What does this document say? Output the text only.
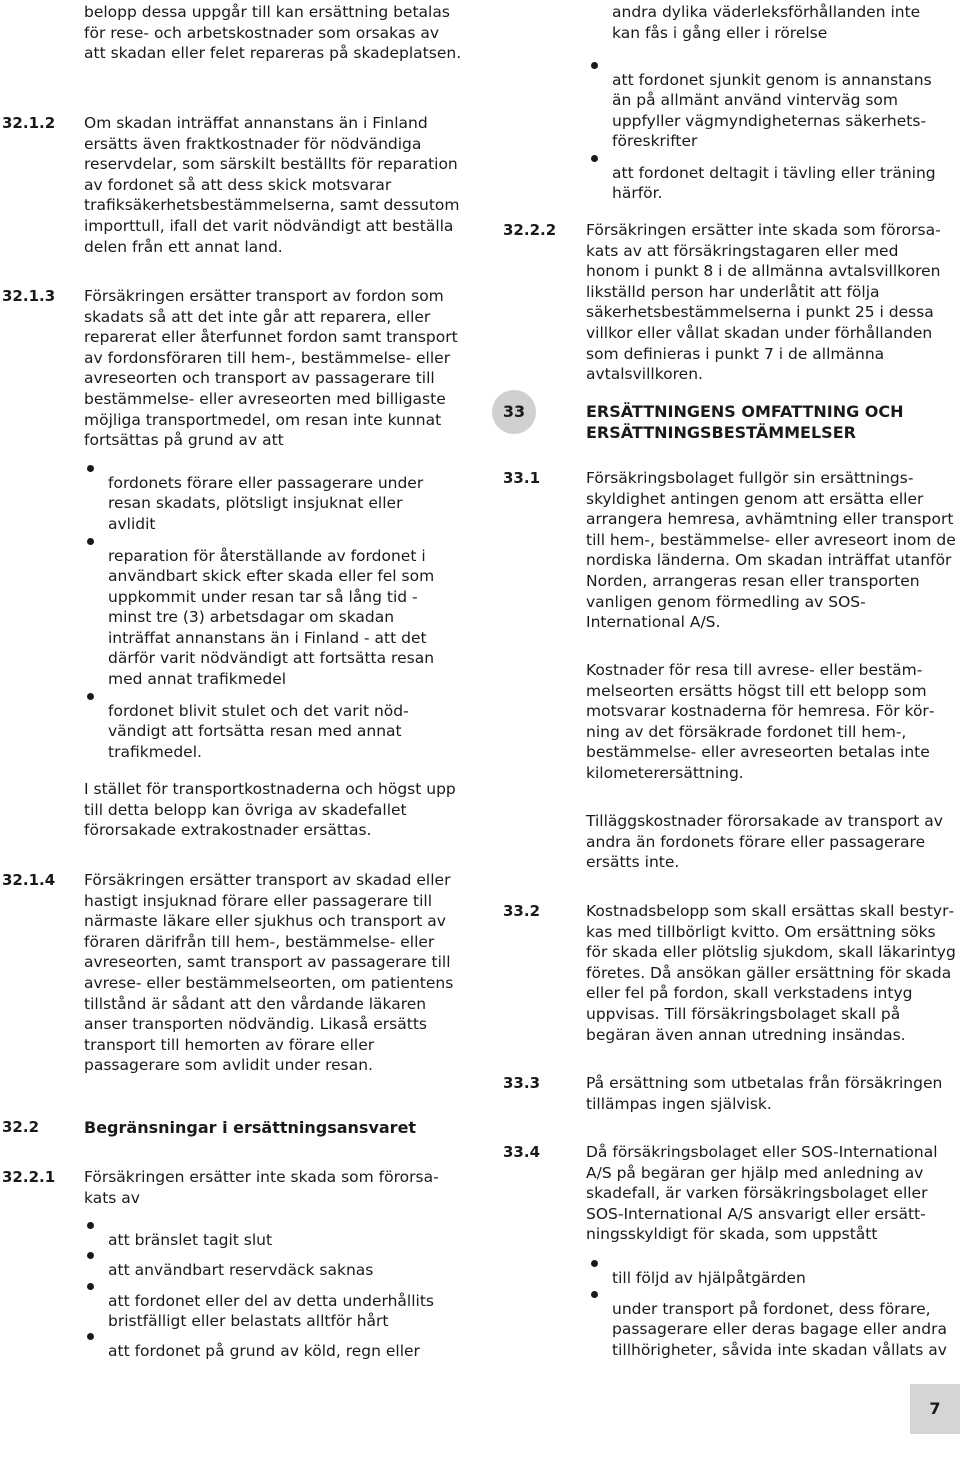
belopp dessa uppgår till kan ersättning betalas för rese- och arbetskostnader som orsakas av att skadan eller felet repareras på skadeplatsen.

32.1.2 Om skadan inträffat annanstans än i Finland ersätts även fraktkostnader för nödvändiga reservdelar, som särskilt beställts för reparation av fordonet så att dess skick motsvarar trafiksäkerhetsbestämmelserna, samt dessutom importtull, ifall det varit nödvändigt att beställa delen från ett annat land.

32.1.3 Försäkringen ersätter transport av fordon som skadats så att det inte går att reparera, eller reparerat eller återfunnet fordon samt transport av fordonsföraren till hem-, bestämmelse- eller avreseorten och transport av passagerare till bestämmelse- eller avreseorten med billigaste möjliga transportmedel, om resan inte kunnat fortsättas på grund av att

fordonets förare eller passagerare under resan skadats, plötsligt insjuknat eller avlidit

reparation för återställande av fordonet i användbart skick efter skada eller fel som uppkommit under resan tar så lång tid - minst tre (3) arbetsdagar om skadan inträffat annanstans än i Finland - att det därför varit nödvändigt att fortsätta resan med annat trafikmedel

fordonet blivit stulet och det varit nödvändigt att fortsätta resan med annat trafikmedel.

I stället för transportkostnaderna och högst upp till detta belopp kan övriga av skadefallet förorsakade extrakostnader ersättas.

32.1.4 Försäkringen ersätter transport av skadad eller hastigt insjuknad förare eller passagerare till närmaste läkare eller sjukhus och transport av föraren därifrån till hem-, bestämmelse- eller avreseorten, samt transport av passagerare till avrese- eller bestämmelseorten, om patientens tillstånd är sådant att den vårdande läkaren anser transporten nödvändig. Likaså ersätts transport till hemorten av förare eller passagerare som avlidit under resan.

32.2	Begränsningar i ersättningsansvaret
32.2.1 Försäkringen ersätter inte skada som förorsakats av

att bränslet tagit slut

att användbart reservdäck saknas

att fordonet eller del av detta underhållits bristfälligt eller belastats alltför hårt

att fordonet på grund av köld, regn eller

andra dylika väderleksförhållanden inte kan fås i gång eller i rörelse

att fordonet sjunkit genom is annanstans än på allmänt använd vinterväg som uppfyller vägmyndigheternas säkerhetsföreskrifter

att fordonet deltagit i tävling eller träning härför.

32.2.2 Försäkringen ersätter inte skada som förorsakats av att försäkringstagaren eller med honom i punkt 8 i de allmänna avtalsvillkoren likställd person har underlåtit att följa säkerhetsbestämmelserna i punkt 25 i dessa villkor eller vållat skadan under förhållanden som definieras i punkt 7 i de allmänna avtalsvillkoren.

33	ERSÄTTNINGENS OMFATTNING OCH ERSÄTTNINGSBESTÄMMELSER
33.1	Försäkringsbolaget fullgör sin ersättningsskyldighet antingen genom att ersätta eller arrangera hemresa, avhämtning eller transport till hem-, bestämmelse- eller avreseort inom de nordiska länderna. Om skadan inträffat utanför Norden, arrangeras resan eller transporten vanligen genom förmedling av SOS-International A/S.

Kostnader för resa till avrese- eller bestämmelseorten ersätts högst till ett belopp som motsvarar kostnaderna för hemresa. För körning av det försäkrade fordonet till hem-, bestämmelse- eller avreseorten betalas inte kilometerersättning.

Tilläggskostnader förorsakade av transport av andra än fordonets förare eller passagerare ersätts inte.

33.2	Kostnadsbelopp som skall ersättas skall bestyrkas med tillbörligt kvitto. Om ersättning söks för skada eller plötslig sjukdom, skall läkarintyg företes. Då ansökan gäller ersättning för skada eller fel på fordon, skall verkstadens intyg uppvisas. Till försäkringsbolaget skall på begäran även annan utredning insändas.

33.3	På ersättning som utbetalas från försäkringen tillämpas ingen självisk.

33.4	Då försäkringsbolaget eller SOS-International A/S på begäran ger hjälp med anledning av skadefall, är varken försäkringsbolaget eller SOS-International A/S ansvarigt eller ersättningsskyldigt för skada, som uppstått

till följd av hjälpåtgärden

under transport på fordonet, dess förare, passagerare eller deras bagage eller andra tillhörigheter, såvida inte skadan vållats av

7
